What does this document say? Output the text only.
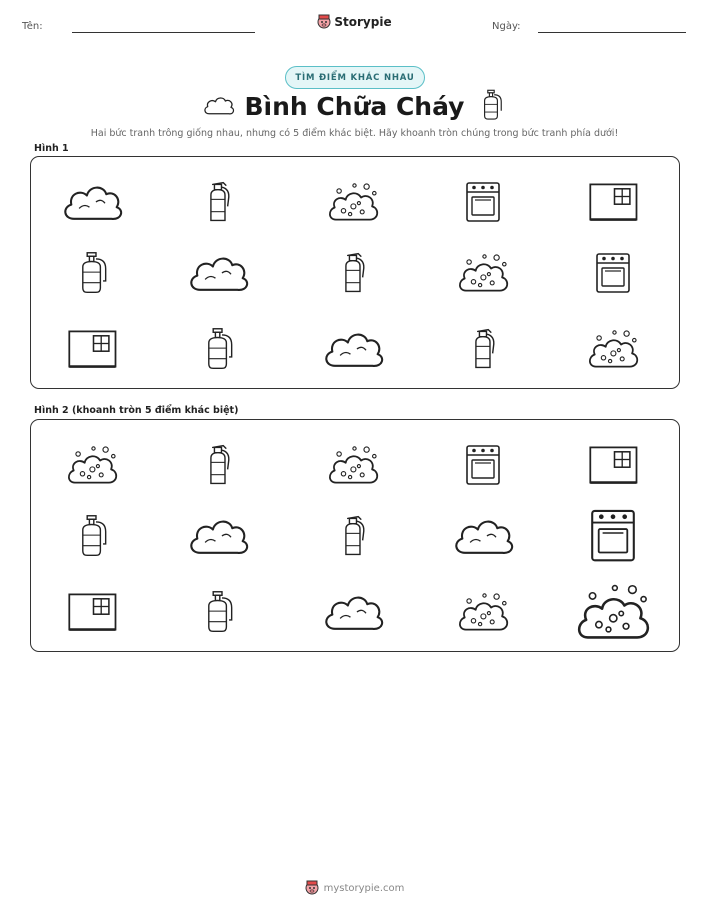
Tên:	Storypie	Ngày:
TÌM ĐIỂM KHÁC NHAU
Bình Chữa Cháy
Hai bức tranh trông giống nhau, nhưng có 5 điểm khác biệt. Hãy khoanh tròn chúng trong bức tranh phía dưới!
Hình 1
Hình 2 (khoanh tròn 5 điểm khác biệt)
mystorypie.com
